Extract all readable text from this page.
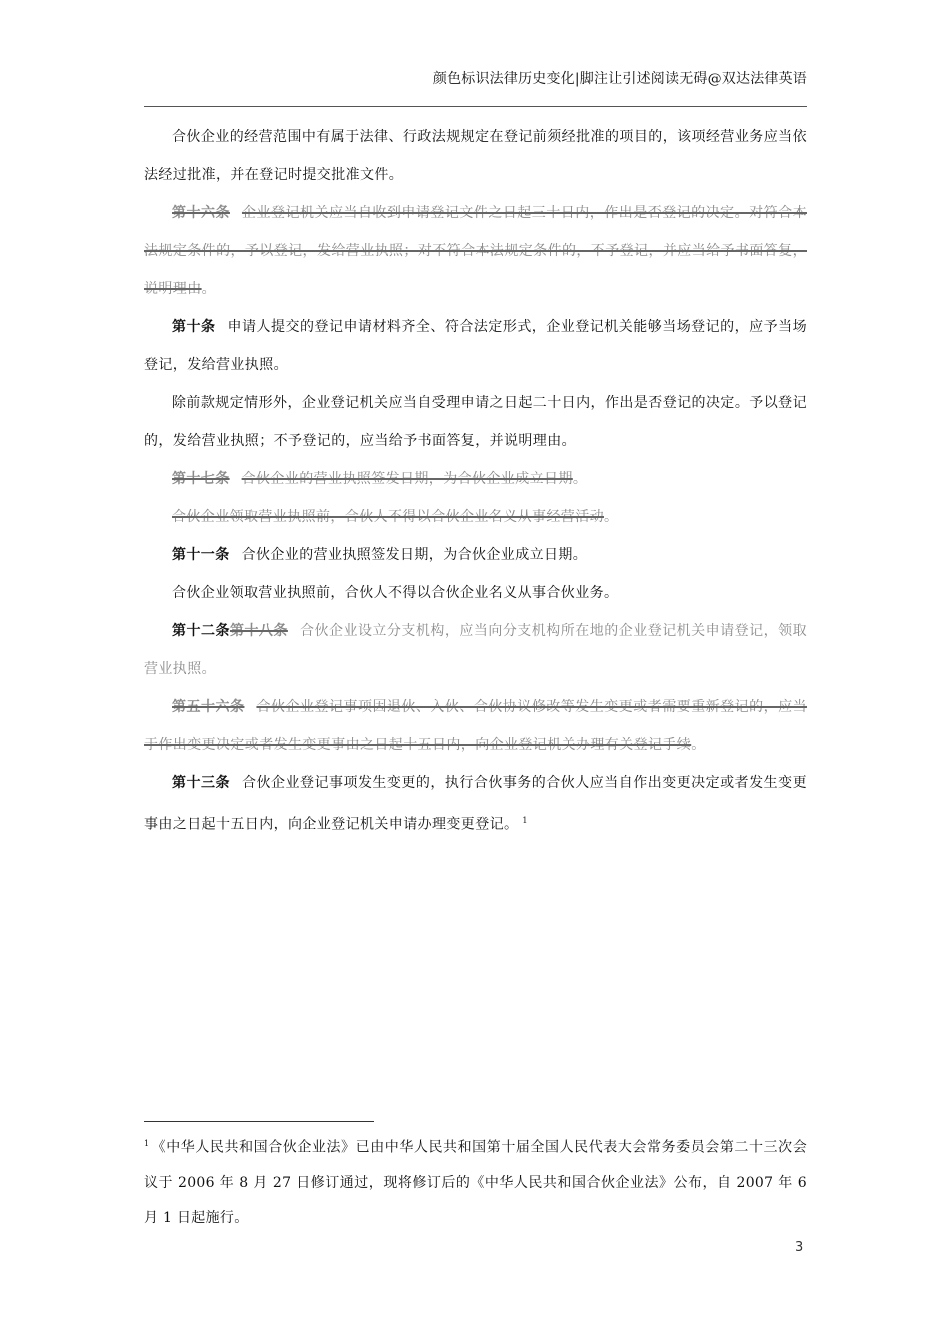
颜色标识法律历史变化|脚注让引述阅读无碍@双达法律英语

合伙企业的经营范围中有属于法律、行政法规规定在登记前须经批准的项目的，该项经营业务应当依法经过批准，并在登记时提交批准文件。

第十六条 企业登记机关应当自收到申请登记文件之日起三十日内，作出是否登记的决定。对符合本法规定条件的，予以登记，发给营业执照；对不符合本法规定条件的，不予登记，并应当给予书面答复，说明理由。

第十条 申请人提交的登记申请材料齐全、符合法定形式，企业登记机关能够当场登记的，应予当场登记，发给营业执照。

除前款规定情形外，企业登记机关应当自受理申请之日起二十日内，作出是否登记的决定。予以登记的，发给营业执照；不予登记的，应当给予书面答复，并说明理由。

第十七条 合伙企业的营业执照签发日期，为合伙企业成立日期。

合伙企业领取营业执照前，合伙人不得以合伙企业名义从事经营活动。

第十一条 合伙企业的营业执照签发日期，为合伙企业成立日期。

合伙企业领取营业执照前，合伙人不得以合伙企业名义从事合伙业务。

第十二条第十八条 合伙企业设立分支机构，应当向分支机构所在地的企业登记机关申请登记，领取营业执照。

第五十六条 合伙企业登记事项因退伙、入伙、合伙协议修改等发生变更或者需要重新登记的，应当于作出变更决定或者发生变更事由之日起十五日内，向企业登记机关办理有关登记手续。

第十三条 合伙企业登记事项发生变更的，执行合伙事务的合伙人应当自作出变更决定或者发生变更事由之日起十五日内，向企业登记机关申请办理变更登记。 $^1$

$^1$ 《中华人民共和国合伙企业法》已由中华人民共和国第十届全国人民代表大会常务委员会第二十三次会议于 2006 年 8 月 27 日修订通过，现将修订后的《中华人民共和国合伙企业法》公布，自 2007 年 6 月 1 日起施行。

3
